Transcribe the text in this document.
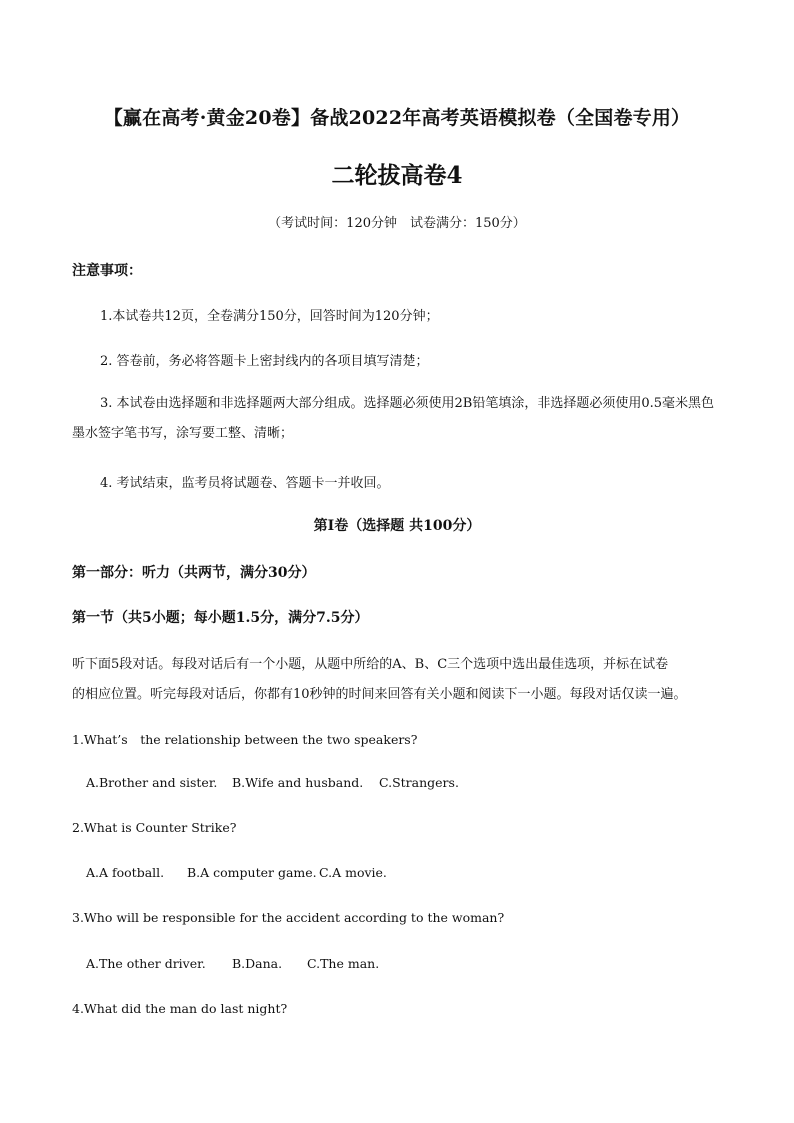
【赢在高考·黄金20卷】备战2022年高考英语模拟卷（全国卷专用）
二轮拔高卷4
（考试时间：120分钟　试卷满分：150分）
注意事项：
1.本试卷共12页，全卷满分150分，回答时间为120分钟；
2. 答卷前，务必将答题卡上密封线内的各项目填写清楚；
3. 本试卷由选择题和非选择题两大部分组成。选择题必须使用2B铅笔填涂，非选择题必须使用0.5毫米黑色墨水签字笔书写，涂写要工整、清晰；
4. 考试结束，监考员将试题卷、答题卡一并收回。
第I卷（选择题 共100分）
第一部分：听力（共两节，满分30分）
第一节（共5小题；每小题1.5分，满分7.5分）
听下面5段对话。每段对话后有一个小题，从题中所给的A、B、C三个选项中选出最佳选项，并标在试卷
的相应位置。听完每段对话后，你都有10秒钟的时间来回答有关小题和阅读下一小题。每段对话仅读一遍。
1.What’s　the relationship between the two speakers?
A.Brother and sister. B.Wife and husband. C.Strangers.
2.What is Counter Strike?
A.A football. B.A computer game. C.A movie.
3.Who will be responsible for the accident according to the woman?
A.The other driver. B.Dana. C.The man.
4.What did the man do last night?
